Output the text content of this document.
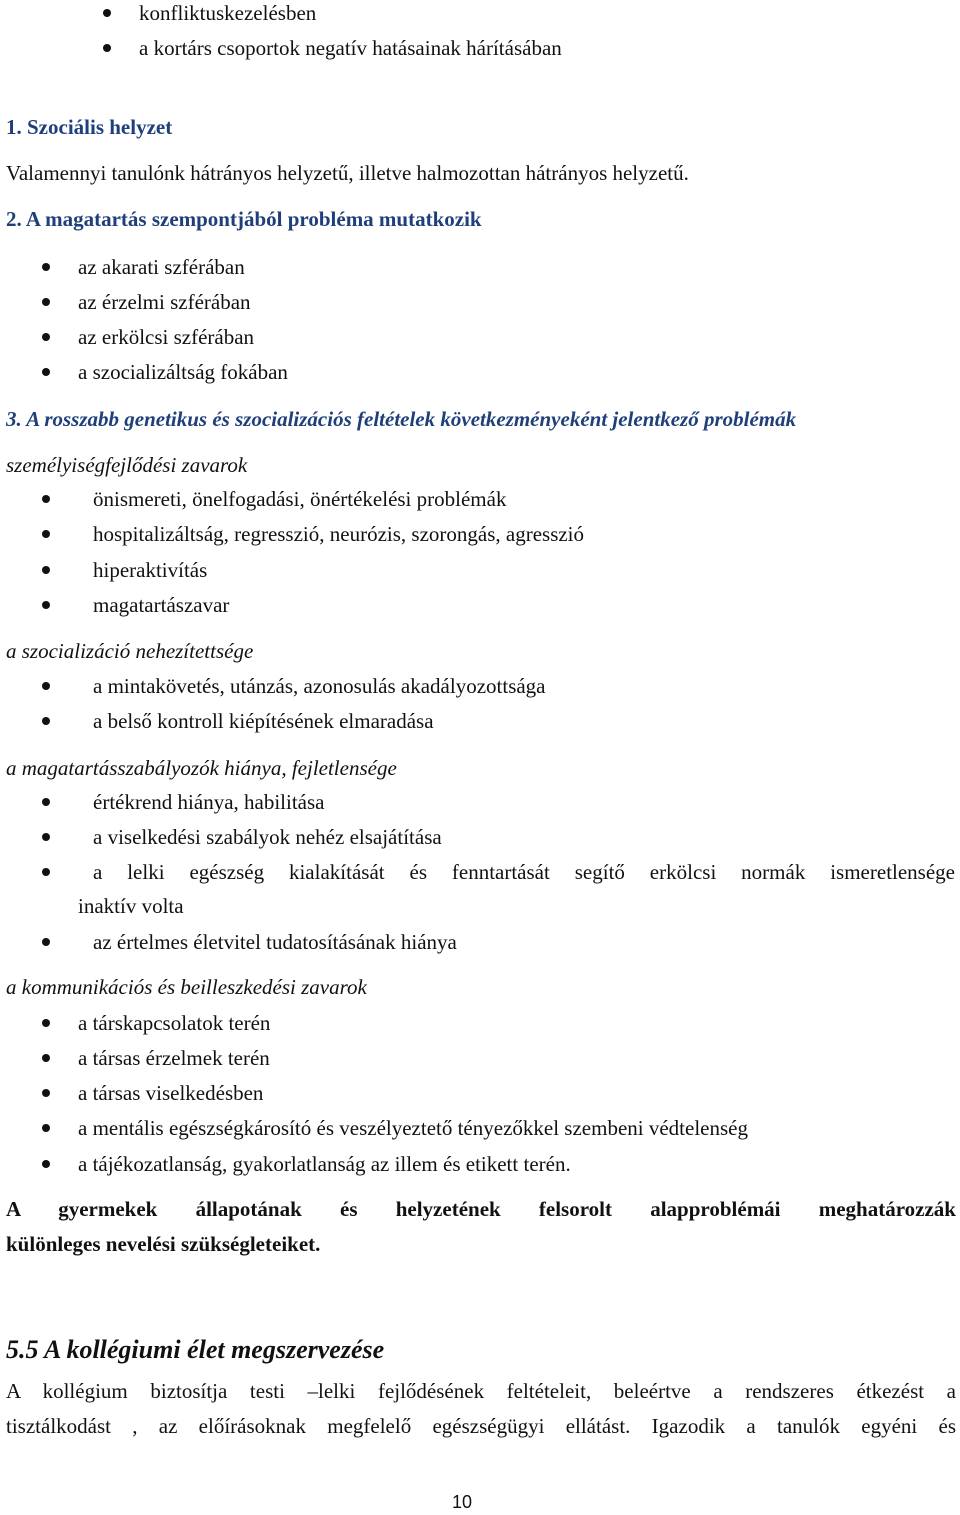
konfliktuskezelésben
a kortárs csoportok negatív hatásainak hárításában
1. Szociális helyzet
Valamennyi tanulónk hátrányos helyzetű, illetve halmozottan hátrányos helyzetű.
2. A magatartás szempontjából probléma mutatkozik
az akarati szférában
az érzelmi szférában
az erkölcsi szférában
a szocializáltság fokában
3. A rosszabb genetikus és szocializációs feltételek következményeként jelentkező problémák
személyiségfejlődési zavarok
önismereti, önelfogadási, önértékelési problémák
hospitalizáltság, regresszió, neurózis, szorongás, agresszió
hiperaktivítás
magatartászavar
a szocializáció nehezítettsége
a mintakövetés, utánzás, azonosulás akadályozottsága
a belső kontroll kiépítésének elmaradása
a magatartásszabályozók hiánya, fejletlensége
értékrend hiánya, habilitása
a viselkedési szabályok nehéz elsajátítása
a lelki egészség kialakítását és fenntartását segítő erkölcsi normák ismeretlensége
inaktív volta
az értelmes életvitel tudatosításának hiánya
a kommunikációs és beilleszkedési zavarok
a társkapcsolatok terén
a társas érzelmek terén
a társas viselkedésben
a mentális egészségkárosító és veszélyeztető tényezőkkel szembeni védtelenség
a tájékozatlanság, gyakorlatlanság az illem és etikett terén.
A gyermekek állapotának és helyzetének felsorolt alapproblémái meghatározzák
különleges nevelési szükségleteiket.
5.5 A kollégiumi élet megszervezése
A kollégium biztosítja testi –lelki fejlődésének feltételeit, beleértve a rendszeres étkezést a
tisztálkodást , az előírásoknak megfelelő egészségügyi ellátást. Igazodik a tanulók egyéni és
10
